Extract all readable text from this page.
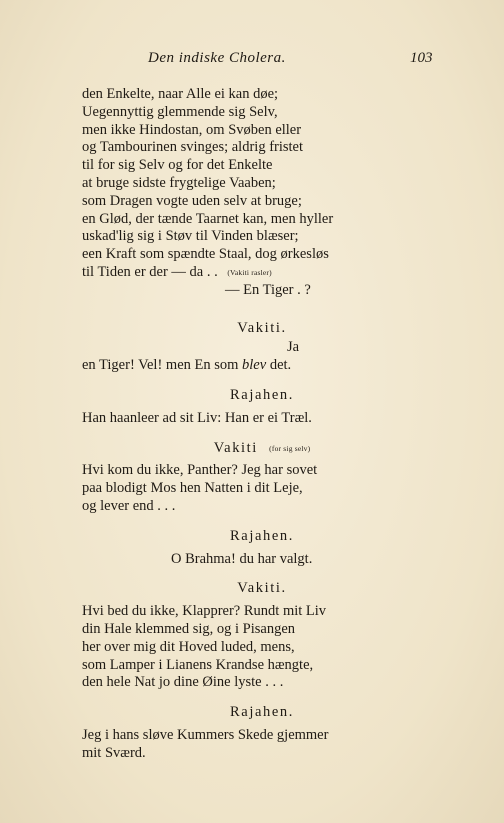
Den indiske Cholera.	103
den Enkelte, naar Alle ei kan døe;
Uegennyttig glemmende sig Selv,
men ikke Hindostan, om Svøben eller
og Tambourinen svinges; aldrig fristet
til for sig Selv og for det Enkelte
at bruge sidste frygtelige Vaaben;
som Dragen vogte uden selv at bruge;
en Glød, der tænde Taarnet kan, men hyller
uskad'lig sig i Støv til Vinden blæser;
een Kraft som spændte Staal, dog ørkesløs
til Tiden er der — da . . (Vakiti rasler)
— En Tiger . ?
Vakiti.
Ja
en Tiger! Vel! men En som blev det.
Rajahen.
Han haanleer ad sit Liv: Han er ei Træl.
Vakiti (for sig selv)
Hvi kom du ikke, Panther? Jeg har sovet
paa blodigt Mos hen Natten i dit Leje,
og lever end . . .
Rajahen.
O Brahma! du har valgt.
Vakiti.
Hvi bed du ikke, Klapprer? Rundt mit Liv
din Hale klemmed sig, og i Pisangen
her over mig dit Hoved luded, mens,
som Lamper i Lianens Krandse hængte,
den hele Nat jo dine Øine lyste . . .
Rajahen.
Jeg i hans sløve Kummers Skede gjemmer
mit Sværd.
